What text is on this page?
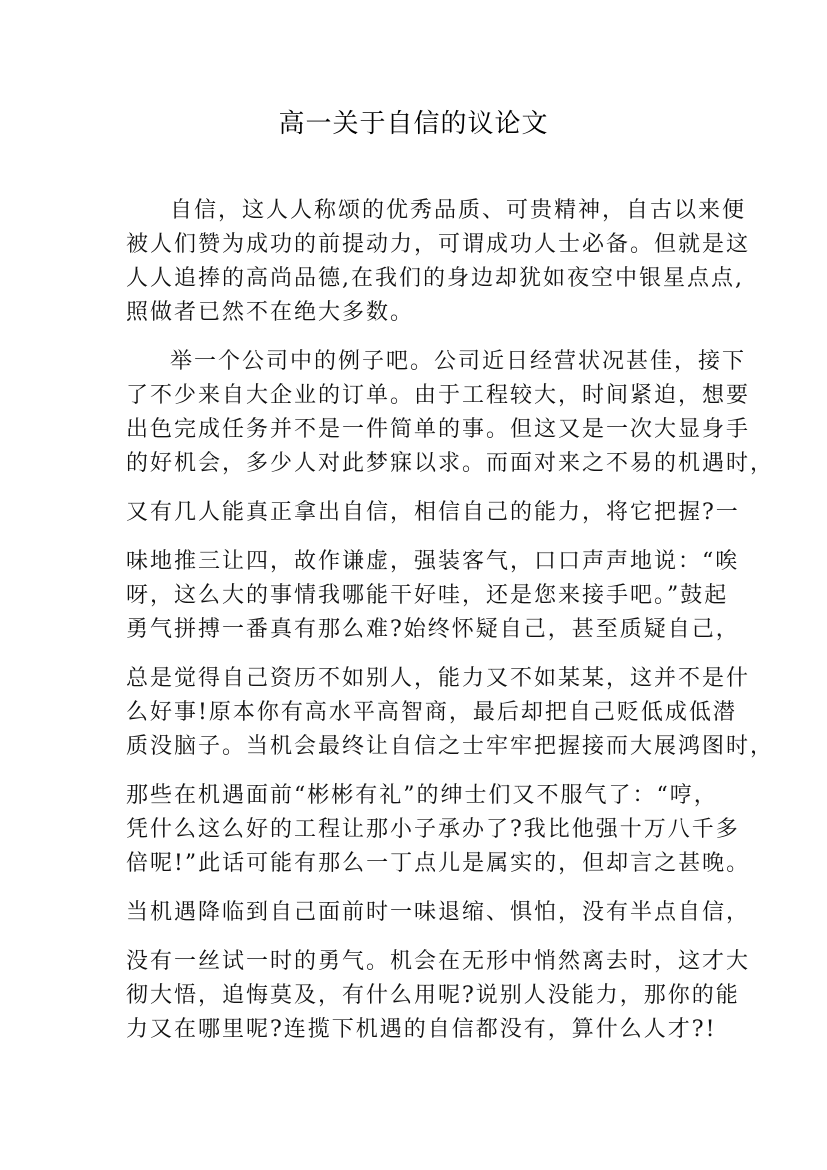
高一关于自信的议论文
自信，这人人称颂的优秀品质、可贵精神，自古以来便
被人们赞为成功的前提动力，可谓成功人士必备。但就是这
人人追捧的高尚品德,在我们的身边却犹如夜空中银星点点,
照做者已然不在绝大多数。
举一个公司中的例子吧。公司近日经营状况甚佳，接下
了不少来自大企业的订单。由于工程较大，时间紧迫，想要
出色完成任务并不是一件简单的事。但这又是一次大显身手
的好机会，多少人对此梦寐以求。而面对来之不易的机遇时，
又有几人能真正拿出自信，相信自己的能力，将它把握?一
味地推三让四，故作谦虚，强装客气，口口声声地说：“唉
呀，这么大的事情我哪能干好哇，还是您来接手吧。”鼓起
勇气拼搏一番真有那么难?始终怀疑自己，甚至质疑自己，
总是觉得自己资历不如别人，能力又不如某某，这并不是什
么好事!原本你有高水平高智商，最后却把自己贬低成低潜
质没脑子。当机会最终让自信之士牢牢把握接而大展鸿图时，
那些在机遇面前“彬彬有礼”的绅士们又不服气了：“哼，
凭什么这么好的工程让那小子承办了?我比他强十万八千多
倍呢!”此话可能有那么一丁点儿是属实的，但却言之甚晚。
当机遇降临到自己面前时一味退缩、惧怕，没有半点自信，
没有一丝试一时的勇气。机会在无形中悄然离去时，这才大
彻大悟，追悔莫及，有什么用呢?说别人没能力，那你的能
力又在哪里呢?连揽下机遇的自信都没有，算什么人才?!
